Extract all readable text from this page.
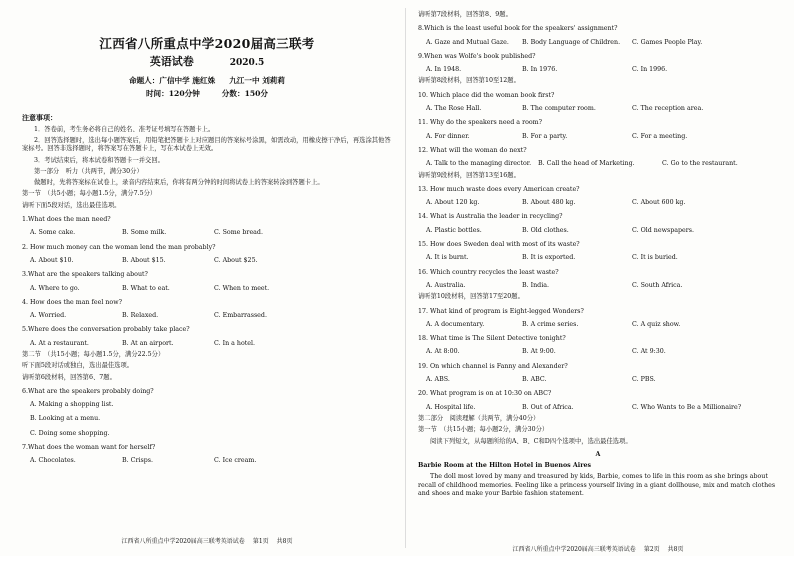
江西省八所重点中学2020届高三联考
英语试卷	2020.5
命题人：广信中学 施红姝 九江一中 刘莉莉
时间：120分钟	分数：150分
注意事项：
1．答卷前，考生务必将自己的姓名、准考证号填写在答题卡上。
2．回答选择题时，选出每小题答案后，用铅笔把答题卡上对应题目的答案标号涂黑，如需改动，用橡皮擦干净后，再选涂其他答案标号。回答非选择题时，将答案写在答题卡上，写在本试卷上无效。
3．考试结束后，将本试卷和答题卡一并交回。
第一部分　听力（共两节，满分30分）
做题时，先将答案标在试卷上，录音内容结束后，你将有两分钟的时间将试卷上的答案转涂到答题卡上。
第一节　（共5小题；每小题1.5分，满分7.5分）
请听下面5段对话，选出最佳选项。
1.What does the man need?
A. Some cake.	B. Some milk.	C. Some bread.
2. How much money can the woman lend the man probably?
A. About $10.	B. About $15.	C. About $25.
3.What are the speakers talking about?
A. Where to go.	B. What to eat.	C. When to meet.
4. How does the man feel now?
A. Worried.	B. Relaxed.	C. Embarrassed.
5.Where does the conversation probably take place?
A. At a restaurant.	B. At an airport.	C. In a hotel.
第二节　（共15小题；每小题1.5分，满分22.5分）
听下面5段对话或独白，选出最佳选项。
请听第6段材料，回答第6、7题。
6.What are the speakers probably doing?
A. Making a shopping list.
B. Looking at a menu.
C. Doing some shopping.
7.What does the woman want for herself?
A. Chocolates.	B. Crisps.	C. Ice cream.
江西省八所重点中学2020届高三联考英语试卷 第1页 共8页
请听第7段材料，回答第8、9题。
8.Which is the least useful book for the speakers' assignment?
A. Gaze and Mutual Gaze.	B. Body Language of Children.	C. Games People Play.
9.When was Wolfe's book published?
A. In 1948.	B. In 1976.	C. In 1996.
请听第8段材料，回答第10至12题。
10. Which place did the woman book first?
A. The Rose Hall.	B. The computer room.	C. The reception area.
11. Why do the speakers need a room?
A. For dinner.	B. For a party.	C. For a meeting.
12. What will the woman do next?
A. Talk to the managing director.	B. Call the head of Marketing.	C. Go to the restaurant.
请听第9段材料，回答第13至16题。
13. How much waste does every American create?
A. About 120 kg.	B. About 480 kg.	C. About 600 kg.
14. What is Australia the leader in recycling?
A. Plastic bottles.	B. Old clothes.	C. Old newspapers.
15. How does Sweden deal with most of its waste?
A. It is burnt.	B. It is exported.	C. It is buried.
16. Which country recycles the least waste?
A. Australia.	B. India.	C. South Africa.
请听第10段材料，回答第17至20题。
17. What kind of program is Eight-legged Wonders?
A. A documentary.	B. A crime series.	C. A quiz show.
18. What time is The Silent Detective tonight?
A. At 8:00.	B. At 9:00.	C. At 9:30.
19. On which channel is Fanny and Alexander?
A. ABS.	B. ABC.	C. PBS.
20. What program is on at 10:30 on ABC?
A. Hospital life.	B. Out of Africa.	C. Who Wants to Be a Millionaire?
第二部分　阅读理解（共两节，满分40分）
第一节　（共15小题；每小题2分，满分30分）
阅读下列短文，从每题所给的A、B、C和D四个选项中，选出最佳选项。
A
Barbie Room at the Hilton Hotel in Buenos Aires
The doll most loved by many and treasured by kids, Barbie, comes to life in this room as she brings about recall of childhood memories. Feeling like a princess yourself living in a giant dollhouse, mix and match clothes and shoes and make your Barbie fashion statement.
江西省八所重点中学2020届高三联考英语试卷 第2页 共8页
